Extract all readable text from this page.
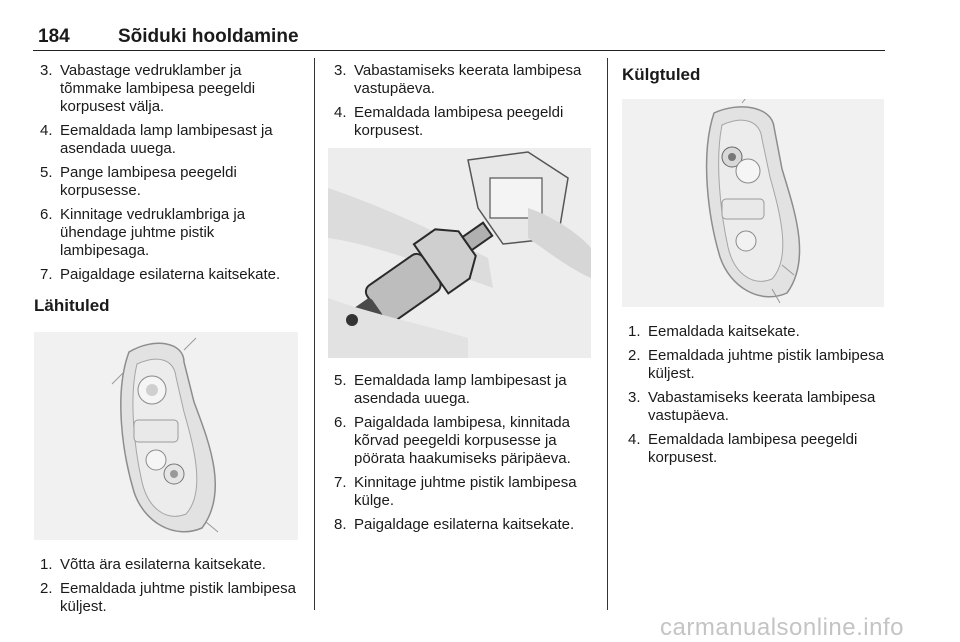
184	Sõiduki hooldamine
3. Vabastage vedruklamber ja tõmmake lambipesa peegeldi korpusest välja.
4. Eemaldada lamp lambipesast ja asendada uuega.
5. Pange lambipesa peegeldi korpusesse.
6. Kinnitage vedruklambriga ja ühendage juhtme pistik lambipesaga.
7. Paigaldage esilaterna kaitsekate.
Lähituled
1. Võtta ära esilaterna kaitsekate.
2. Eemaldada juhtme pistik lambipesa küljest.
3. Vabastamiseks keerata lambipesa vastupäeva.
4. Eemaldada lambipesa peegeldi korpusest.
5. Eemaldada lamp lambipesast ja asendada uuega.
6. Paigaldada lambipesa, kinnitada kõrvad peegeldi korpusesse ja pöörata haakumiseks päripäeva.
7. Kinnitage juhtme pistik lambipesa külge.
8. Paigaldage esilaterna kaitsekate.
Külgtuled
1. Eemaldada kaitsekate.
2. Eemaldada juhtme pistik lambipesa küljest.
3. Vabastamiseks keerata lambipesa vastupäeva.
4. Eemaldada lambipesa peegeldi korpusest.
carmanualsonline.info
